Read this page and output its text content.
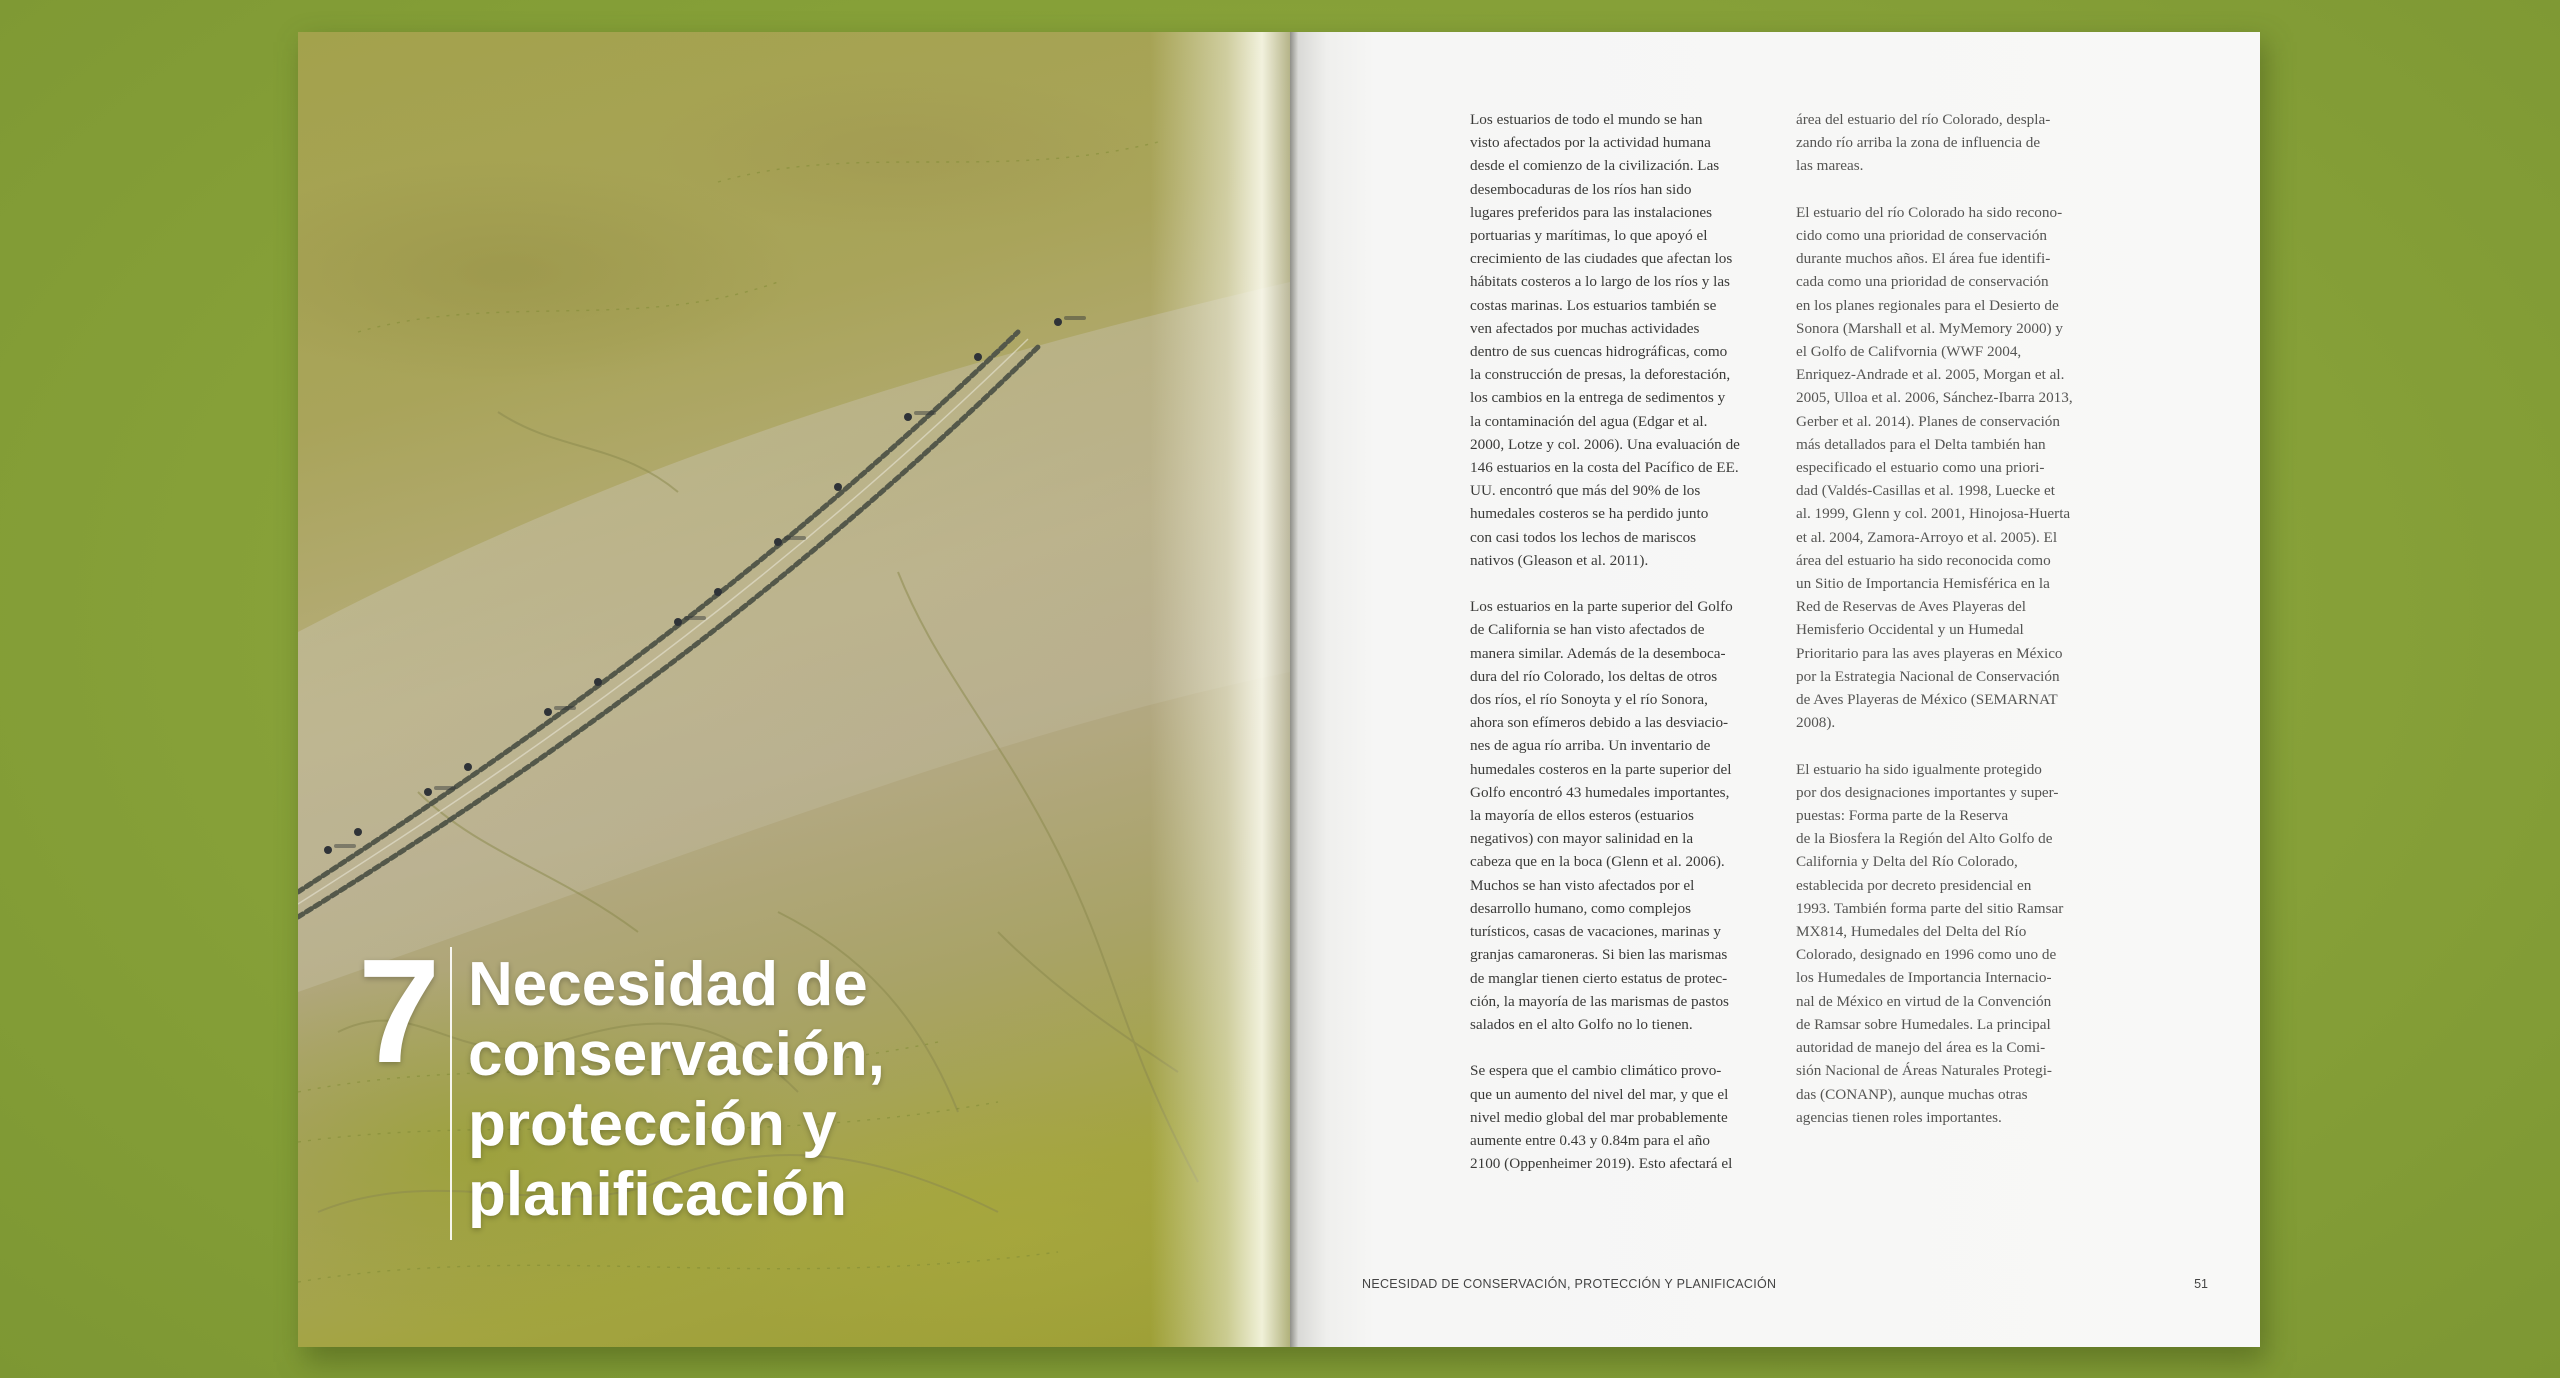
7 Necesidad de
conservación,
protección y
planificación

Los estuarios de todo el mundo se han
visto afectados por la actividad humana
desde el comienzo de la civilización. Las
desembocaduras de los ríos han sido
lugares preferidos para las instalaciones
portuarias y marítimas, lo que apoyó el
crecimiento de las ciudades que afectan los
hábitats costeros a lo largo de los ríos y las
costas marinas. Los estuarios también se
ven afectados por muchas actividades
dentro de sus cuencas hidrográficas, como
la construcción de presas, la deforestación,
los cambios en la entrega de sedimentos y
la contaminación del agua (Edgar et al.
2000, Lotze y col. 2006). Una evaluación de
146 estuarios en la costa del Pacífico de EE.
UU. encontró que más del 90% de los
humedales costeros se ha perdido junto
con casi todos los lechos de mariscos
nativos (Gleason et al. 2011).

Los estuarios en la parte superior del Golfo
de California se han visto afectados de
manera similar. Además de la desemboca-
dura del río Colorado, los deltas de otros
dos ríos, el río Sonoyta y el río Sonora,
ahora son efímeros debido a las desviacio-
nes de agua río arriba. Un inventario de
humedales costeros en la parte superior del
Golfo encontró 43 humedales importantes,
la mayoría de ellos esteros (estuarios
negativos) con mayor salinidad en la
cabeza que en la boca (Glenn et al. 2006).
Muchos se han visto afectados por el
desarrollo humano, como complejos
turísticos, casas de vacaciones, marinas y
granjas camaroneras. Si bien las marismas
de manglar tienen cierto estatus de protec-
ción, la mayoría de las marismas de pastos
salados en el alto Golfo no lo tienen.

Se espera que el cambio climático provo-
que un aumento del nivel del mar, y que el
nivel medio global del mar probablemente
aumente entre 0.43 y 0.84m para el año
2100 (Oppenheimer 2019). Esto afectará el

área del estuario del río Colorado, despla-
zando río arriba la zona de influencia de
las mareas.

El estuario del río Colorado ha sido recono-
cido como una prioridad de conservación
durante muchos años. El área fue identifi-
cada como una prioridad de conservación
en los planes regionales para el Desierto de
Sonora (Marshall et al. MyMemory 2000) y
el Golfo de Califvornia (WWF 2004,
Enriquez-Andrade et al. 2005, Morgan et al.
2005, Ulloa et al. 2006, Sánchez-Ibarra 2013,
Gerber et al. 2014). Planes de conservación
más detallados para el Delta también han
especificado el estuario como una priori-
dad (Valdés-Casillas et al. 1998, Luecke et
al. 1999, Glenn y col. 2001, Hinojosa-Huerta
et al. 2004, Zamora-Arroyo et al. 2005). El
área del estuario ha sido reconocida como
un Sitio de Importancia Hemisférica en la
Red de Reservas de Aves Playeras del
Hemisferio Occidental y un Humedal
Prioritario para las aves playeras en México
por la Estrategia Nacional de Conservación
de Aves Playeras de México (SEMARNAT
2008).

El estuario ha sido igualmente protegido
por dos designaciones importantes y super-
puestas: Forma parte de la Reserva
de la Biosfera la Región del Alto Golfo de
California y Delta del Río Colorado,
establecida por decreto presidencial en
1993. También forma parte del sitio Ramsar
MX814, Humedales del Delta del Río
Colorado, designado en 1996 como uno de
los Humedales de Importancia Internacio-
nal de México en virtud de la Convención
de Ramsar sobre Humedales. La principal
autoridad de manejo del área es la Comi-
sión Nacional de Áreas Naturales Protegi-
das (CONANP), aunque muchas otras
agencias tienen roles importantes.

NECESIDAD DE CONSERVACIÓN, PROTECCIÓN Y PLANIFICACIÓN	51
